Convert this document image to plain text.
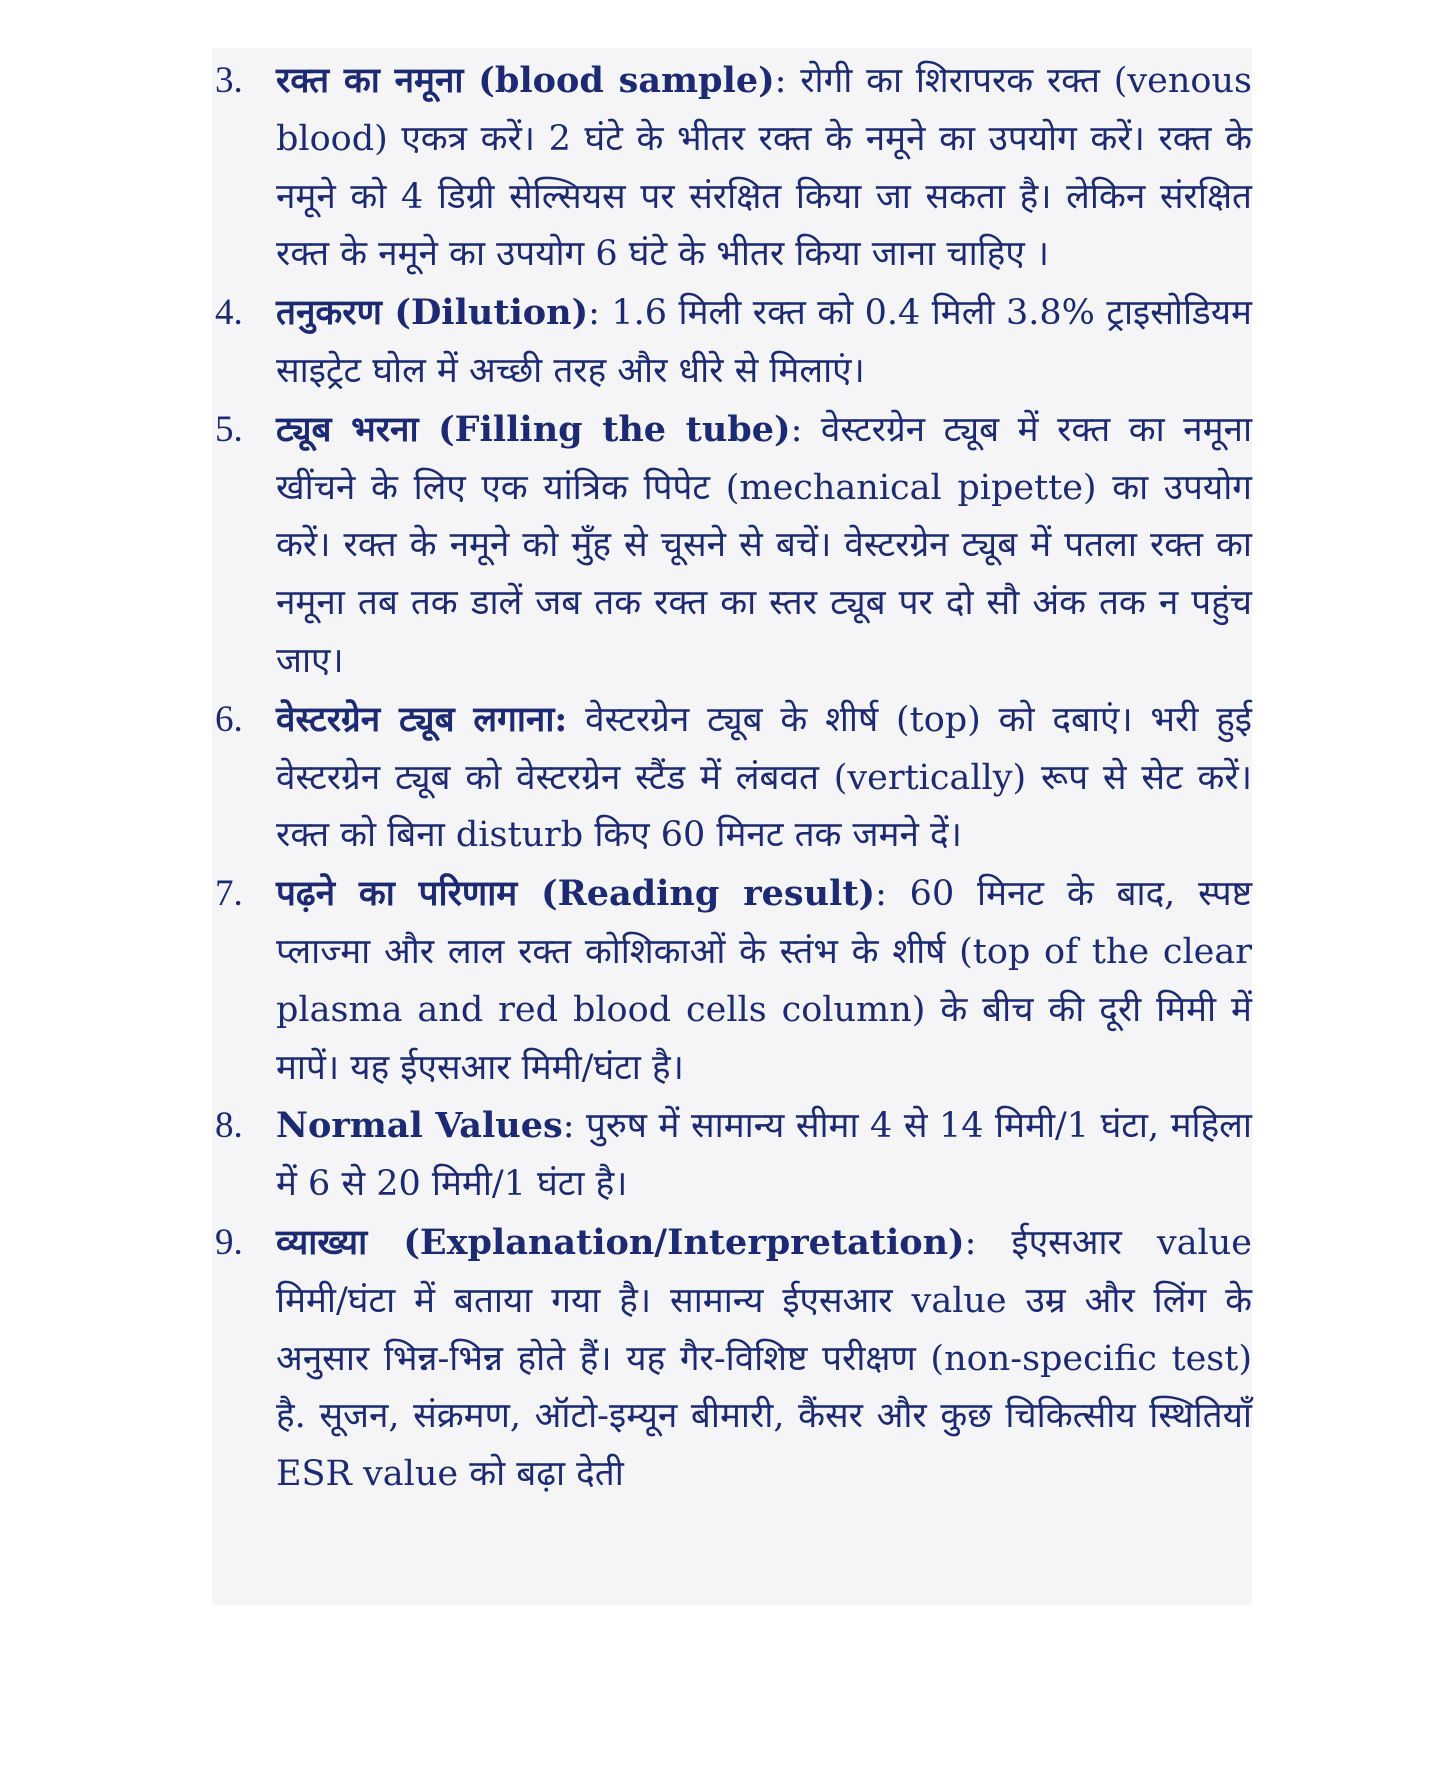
3. रक्त का नमूना (blood sample): रोगी का शिरापरक रक्त (venous blood) एकत्र करें। 2 घंटे के भीतर रक्त के नमूने का उपयोग करें। रक्त के नमूने को 4 डिग्री सेल्सियस पर संरक्षित किया जा सकता है। लेकिन संरक्षित रक्त के नमूने का उपयोग 6 घंटे के भीतर किया जाना चाहिए ।
4. तनुकरण (Dilution): 1.6 मिली रक्त को 0.4 मिली 3.8% ट्राइसोडियम साइट्रेट घोल में अच्छी तरह और धीरे से मिलाएं।
5. ट्यूब भरना (Filling the tube): वेस्टरग्रेन ट्यूब में रक्त का नमूना खींचने के लिए एक यांत्रिक पिपेट (mechanical pipette) का उपयोग करें। रक्त के नमूने को मुँह से चूसने से बचें। वेस्टरग्रेन ट्यूब में पतला रक्त का नमूना तब तक डालें जब तक रक्त का स्तर ट्यूब पर दो सौ अंक तक न पहुंच जाए।
6. वेस्टरग्रेन ट्यूब लगाना: वेस्टरग्रेन ट्यूब के शीर्ष (top) को दबाएं। भरी हुई वेस्टरग्रेन ट्यूब को वेस्टरग्रेन स्टैंड में लंबवत (vertically) रूप से सेट करें। रक्त को बिना disturb किए 60 मिनट तक जमने दें।
7. पढ़ने का परिणाम (Reading result): 60 मिनट के बाद, स्पष्ट प्लाज्मा और लाल रक्त कोशिकाओं के स्तंभ के शीर्ष (top of the clear plasma and red blood cells column) के बीच की दूरी मिमी में मापें। यह ईएसआर मिमी/घंटा है।
8. Normal Values: पुरुष में सामान्य सीमा 4 से 14 मिमी/1 घंटा, महिला में 6 से 20 मिमी/1 घंटा है।
9. व्याख्या (Explanation/Interpretation): ईएसआर value मिमी/घंटा में बताया गया है। सामान्य ईएसआर value उम्र और लिंग के अनुसार भिन्न-भिन्न होते हैं। यह गैर-विशिष्ट परीक्षण (non-specific test) है. सूजन, संक्रमण, ऑटो-इम्यून बीमारी, कैंसर और कुछ चिकित्सीय स्थितियाँ ESR value को बढ़ा देती
